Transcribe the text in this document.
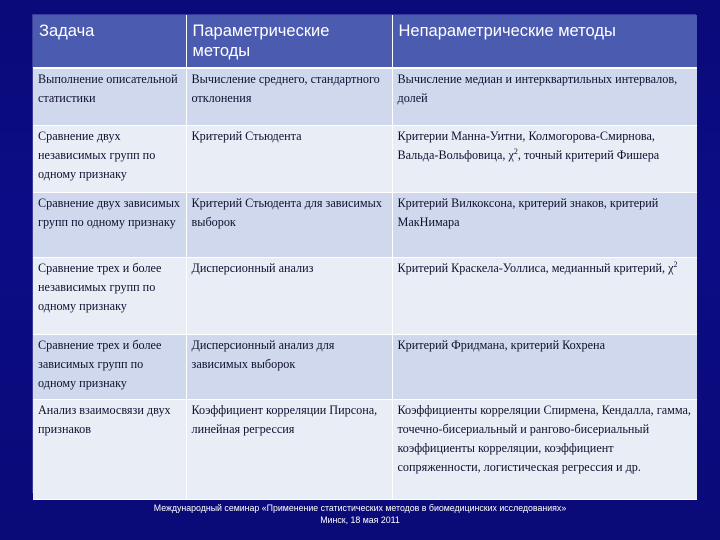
Задача	Параметрические методы	Непараметрические методы
Выполнение описательной статистики	Вычисление среднего, стандартного отклонения	Вычисление медиан и интерквартильных интервалов, долей
Сравнение двух независимых групп по одному признаку	Критерий Стьюдента	Критерии Манна-Уитни, Колмогорова-Смирнова, Вальда-Вольфовица, $\chi^2$, точный критерий Фишера
Сравнение двух зависимых групп по одному признаку	Критерий Стьюдента для зависимых выборок	Критерий Вилкоксона, критерий знаков, критерий МакНимара
Сравнение трех и более независимых групп по одному признаку	Дисперсионный анализ	Критерий Краскела-Уоллиса, медианный критерий, $\chi^2$
Сравнение трех и более зависимых групп по одному признаку	Дисперсионный анализ для зависимых выборок	Критерий Фридмана, критерий Кохрена
Анализ взаимосвязи двух признаков	Коэффициент корреляции Пирсона, линейная регрессия	Коэффициенты корреляции Спирмена, Кендалла, гамма, точечно-бисериальный и рангово-бисериальный коэффициенты корреляции, коэффициент сопряженности, логистическая регрессия и др.
Международный семинар «Применение статистических методов в биомедицинских исследованиях»
Минск, 18 мая 2011
